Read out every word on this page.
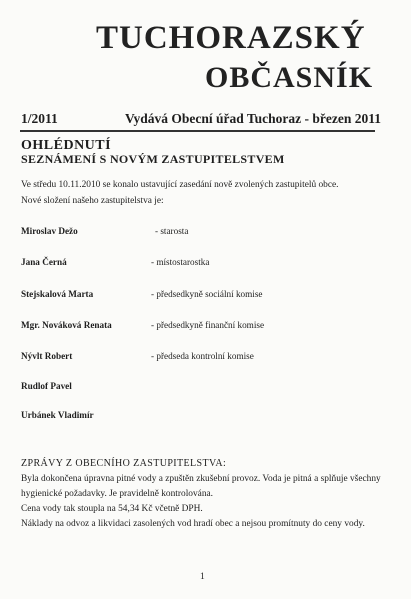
TUCHORAZSKÝ
OBČASNÍK
1/2011	Vydává Obecní úřad Tuchoraz - březen 2011
OHLÉDNUTÍ
SEZNÁMENÍ S NOVÝM ZASTUPITELSTVEM
Ve středu 10.11.2010 se konalo ustavující zasedání nově zvolených zastupitelů obce.
Nové složení našeho zastupitelstva je:
Miroslav Dežo	- starosta
Jana Černá	- místostarostka
Stejskalová Marta	- předsedkyně sociální komise
Mgr. Nováková Renata	- předsedkyně finanční komise
Nývlt Robert	- předseda kontrolní komise
Rudlof Pavel
Urbánek Vladimír
ZPRÁVY Z OBECNÍHO ZASTUPITELSTVA:
Byla dokončena úpravna pitné vody a zpuštěn zkušební provoz. Voda je pitná a splňuje všechny
hygienické požadavky. Je pravidelně kontrolována.
Cena vody tak stoupla na 54,34 Kč včetně DPH.
Náklady na odvoz a likvidaci zasolených vod hradí obec a nejsou promítnuty do ceny vody.
1
